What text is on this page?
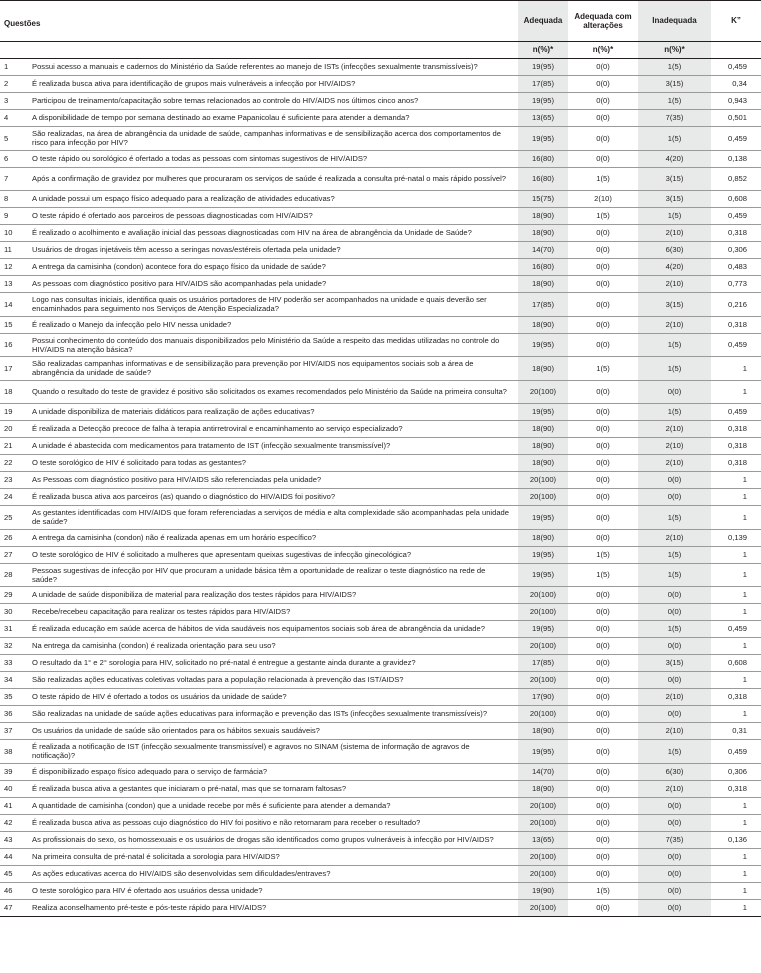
Questões		Adequada	Adequada com alterações	Inadequada	K”
		n(%)*	n(%)*	n(%)*	
1	Possui acesso a manuais e cadernos do Ministério da Saúde referentes ao manejo de ISTs (infecções sexualmente transmissíveis)?	19(95)	0(0)	1(5)	0,459
2	É realizada busca ativa para identificação de grupos mais vulneráveis a infecção por HIV/AIDS?	17(85)	0(0)	3(15)	0,34
3	Participou de treinamento/capacitação sobre temas relacionados ao controle do HIV/AIDS nos últimos cinco anos?	19(95)	0(0)	1(5)	0,943
4	A disponibilidade de tempo por semana destinado ao exame Papanicolau é suficiente para atender a demanda?	13(65)	0(0)	7(35)	0,501
5	São realizadas, na área de abrangência da unidade de saúde, campanhas informativas e de sensibilização acerca dos comportamentos de risco para infecção por HIV?	19(95)	0(0)	1(5)	0,459
6	O teste rápido ou sorológico é ofertado a todas as pessoas com sintomas sugestivos de HIV/AIDS?	16(80)	0(0)	4(20)	0,138
7	Após a confirmação de gravidez por mulheres que procuraram os serviços de saúde é realizada a consulta pré-natal o mais rápido possível?	16(80)	1(5)	3(15)	0,852
8	A unidade possui um espaço físico adequado para a realização de atividades educativas?	15(75)	2(10)	3(15)	0,608
9	O teste rápido é ofertado aos parceiros de pessoas diagnosticadas com HIV/AIDS?	18(90)	1(5)	1(5)	0,459
10	É realizado o acolhimento e avaliação inicial das pessoas diagnosticadas com HIV na área de abrangência da Unidade de Saúde?	18(90)	0(0)	2(10)	0,318
11	Usuários de drogas injetáveis têm acesso a seringas novas/estéreis ofertada pela unidade?	14(70)	0(0)	6(30)	0,306
12	A entrega da camisinha (condon) acontece fora do espaço físico da unidade de saúde?	16(80)	0(0)	4(20)	0,483
13	As pessoas com diagnóstico positivo para HIV/AIDS são acompanhadas pela unidade?	18(90)	0(0)	2(10)	0,773
14	Logo nas consultas iniciais, identifica quais os usuários portadores de HIV poderão ser acompanhados na unidade e quais deverão ser encaminhados para seguimento nos Serviços de Atenção Especializada?	17(85)	0(0)	3(15)	0,216
15	É realizado o Manejo da infecção pelo HIV nessa unidade?	18(90)	0(0)	2(10)	0,318
16	Possui conhecimento do conteúdo dos manuais disponibilizados pelo Ministério da Saúde a respeito das medidas utilizadas no controle do HIV/AIDS na atenção básica?	19(95)	0(0)	1(5)	0,459
17	São realizadas campanhas informativas e de sensibilização para prevenção por HIV/AIDS nos equipamentos sociais sob a área de abrangência da unidade de saúde?	18(90)	1(5)	1(5)	1
18	Quando o resultado do teste de gravidez é positivo são solicitados os exames recomendados pelo Ministério da Saúde na primeira consulta?	20(100)	0(0)	0(0)	1
19	A unidade disponibiliza de materiais didáticos para realização de ações educativas?	19(95)	0(0)	1(5)	0,459
20	É realizada a Detecção precoce de falha à terapia antirretroviral e encaminhamento ao serviço especializado?	18(90)	0(0)	2(10)	0,318
21	A unidade é abastecida com medicamentos para tratamento de IST (infecção sexualmente transmissível)?	18(90)	0(0)	2(10)	0,318
22	O teste sorológico de HIV é solicitado para todas as gestantes?	18(90)	0(0)	2(10)	0,318
23	As Pessoas com diagnóstico positivo para HIV/AIDS são referenciadas pela unidade?	20(100)	0(0)	0(0)	1
24	É realizada busca ativa aos parceiros (as) quando o diagnóstico do HIV/AIDS foi positivo?	20(100)	0(0)	0(0)	1
25	As gestantes identificadas com HIV/AIDS que foram referenciadas a serviços de média e alta complexidade são acompanhadas pela unidade de saúde?	19(95)	0(0)	1(5)	1
26	A entrega da camisinha (condon) não é realizada apenas em um horário específico?	18(90)	0(0)	2(10)	0,139
27	O teste sorológico de HIV é solicitado a mulheres que apresentam queixas sugestivas de infecção ginecológica?	19(95)	1(5)	1(5)	1
28	Pessoas sugestivas de infecção por HIV que procuram a unidade básica têm a oportunidade de realizar o teste diagnóstico na rede de saúde?	19(95)	1(5)	1(5)	1
29	A unidade de saúde disponibiliza de material para realização dos testes rápidos para HIV/AIDS?	20(100)	0(0)	0(0)	1
30	Recebe/recebeu capacitação para realizar os testes rápidos para HIV/AIDS?	20(100)	0(0)	0(0)	1
31	É realizada educação em saúde acerca de hábitos de vida saudáveis nos equipamentos sociais sob área de abrangência da unidade?	19(95)	0(0)	1(5)	0,459
32	Na entrega da camisinha (condon) é realizada orientação para seu uso?	20(100)	0(0)	0(0)	1
33	O resultado da 1° e 2° sorologia para HIV, solicitado no pré-natal é entregue a gestante ainda durante a gravidez?	17(85)	0(0)	3(15)	0,608
34	São realizadas ações educativas coletivas voltadas para a população relacionada à prevenção das IST/AIDS?	20(100)	0(0)	0(0)	1
35	O teste rápido de HIV é ofertado a todos os usuários da unidade de saúde?	17(90)	0(0)	2(10)	0,318
36	São realizadas na unidade de saúde ações educativas para informação e prevenção das ISTs (infecções sexualmente transmissíveis)?	20(100)	0(0)	0(0)	1
37	Os usuários da unidade de saúde são orientados para os hábitos sexuais saudáveis?	18(90)	0(0)	2(10)	0,31
38	É realizada a notificação de IST (infecção sexualmente transmissível) e agravos no SINAM (sistema de informação de agravos de notificação)?	19(95)	0(0)	1(5)	0,459
39	É disponibilizado espaço físico adequado para o serviço de farmácia?	14(70)	0(0)	6(30)	0,306
40	É realizada busca ativa a gestantes que iniciaram o pré-natal, mas que se tornaram faltosas?	18(90)	0(0)	2(10)	0,318
41	A quantidade de camisinha (condon) que a unidade recebe por mês é suficiente para atender a demanda?	20(100)	0(0)	0(0)	1
42	É realizada busca ativa as pessoas cujo diagnóstico do HIV foi positivo e não retornaram para receber o resultado?	20(100)	0(0)	0(0)	1
43	As profissionais do sexo, os homossexuais e os usuários de drogas são identificados como grupos vulneráveis à infecção por HIV/AIDS?	13(65)	0(0)	7(35)	0,136
44	Na primeira consulta de pré-natal é solicitada a sorologia para HIV/AIDS?	20(100)	0(0)	0(0)	1
45	As ações educativas acerca do HIV/AIDS são desenvolvidas sem dificuldades/entraves?	20(100)	0(0)	0(0)	1
46	O teste sorológico para HIV é ofertado aos usuários dessa unidade?	19(90)	1(5)	0(0)	1
47	Realiza aconselhamento pré-teste e pós-teste rápido para HIV/AIDS?	20(100)	0(0)	0(0)	1
